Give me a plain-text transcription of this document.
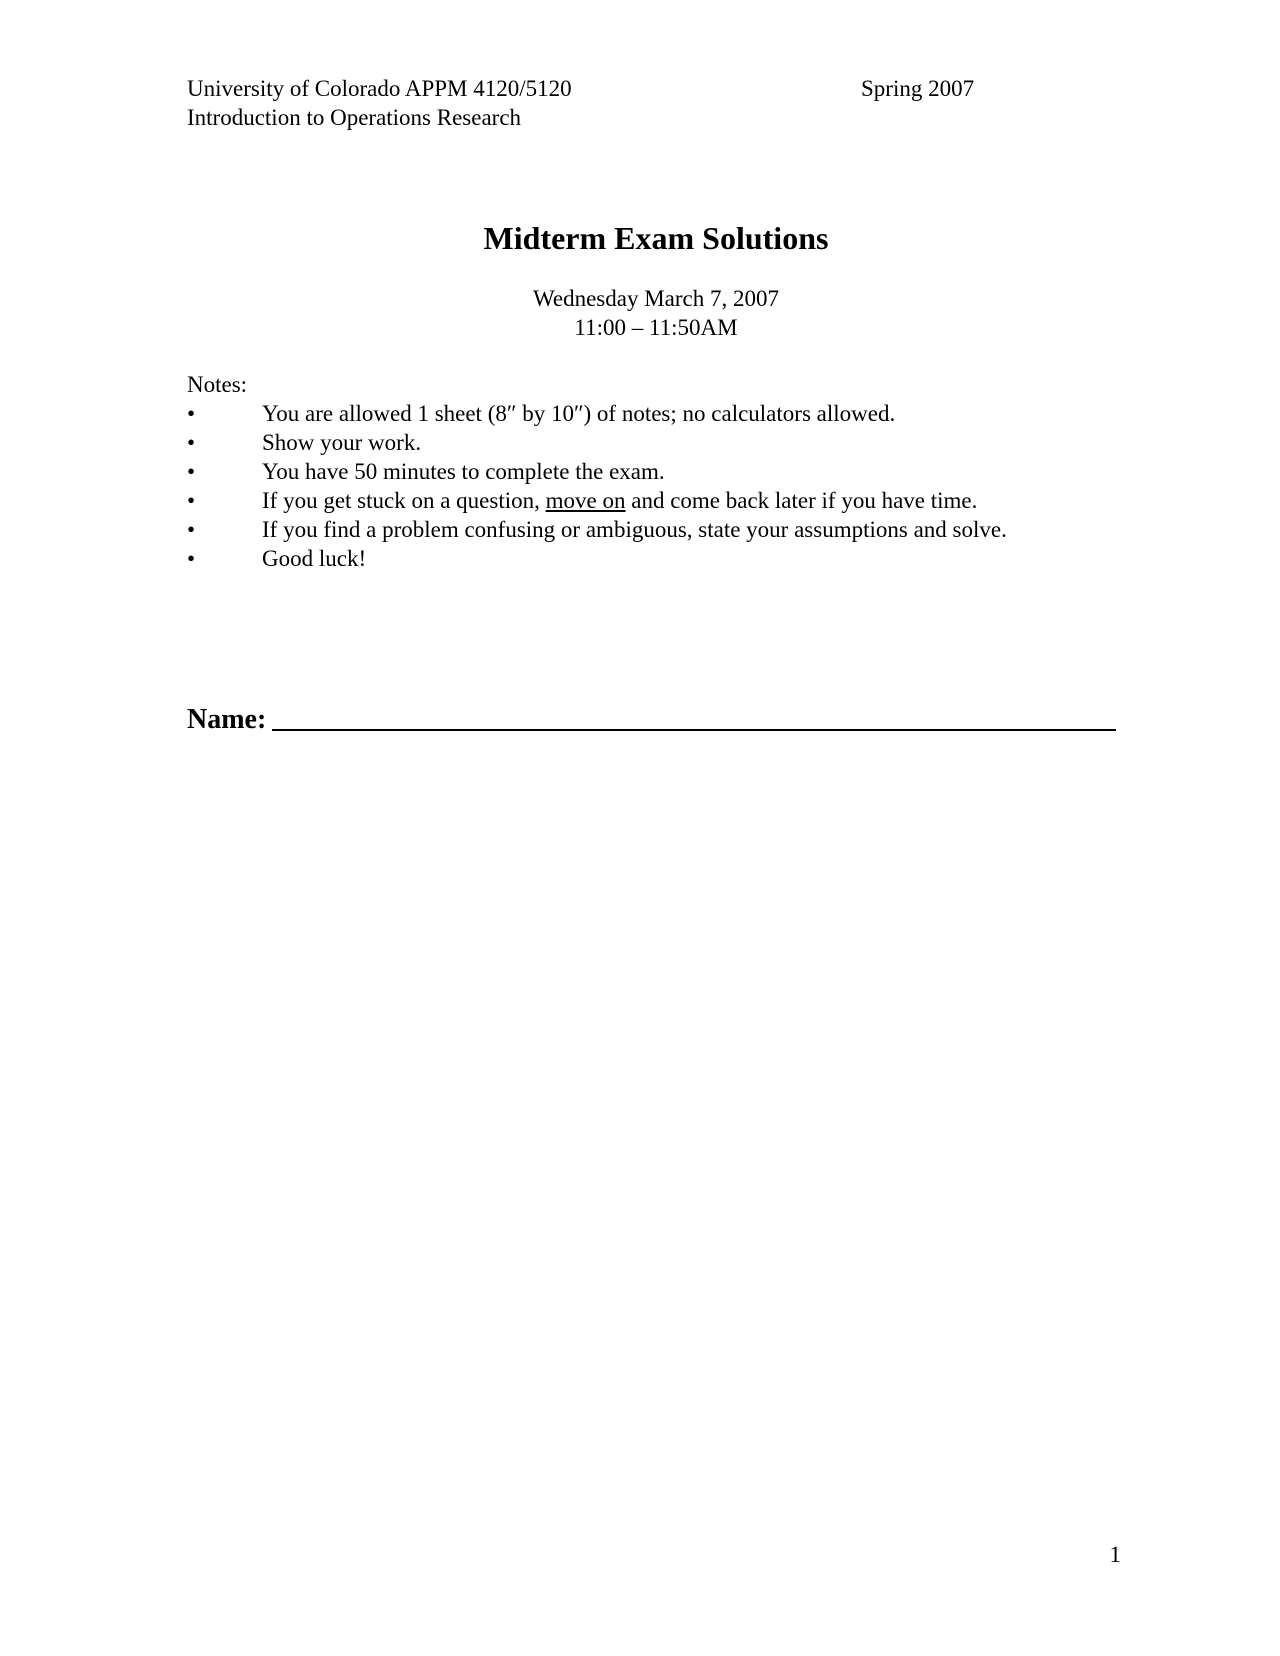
University of Colorado APPM 4120/5120
Introduction to Operations Research
Spring 2007
Midterm Exam Solutions
Wednesday March 7, 2007
11:00 – 11:50AM
Notes:
•	You are allowed 1 sheet (8″ by 10″) of notes; no calculators allowed.
•	Show your work.
•	You have 50 minutes to complete the exam.
•	If you get stuck on a question, move on and come back later if you have time.
•	If you find a problem confusing or ambiguous, state your assumptions and solve.
•	Good luck!
Name:
1
